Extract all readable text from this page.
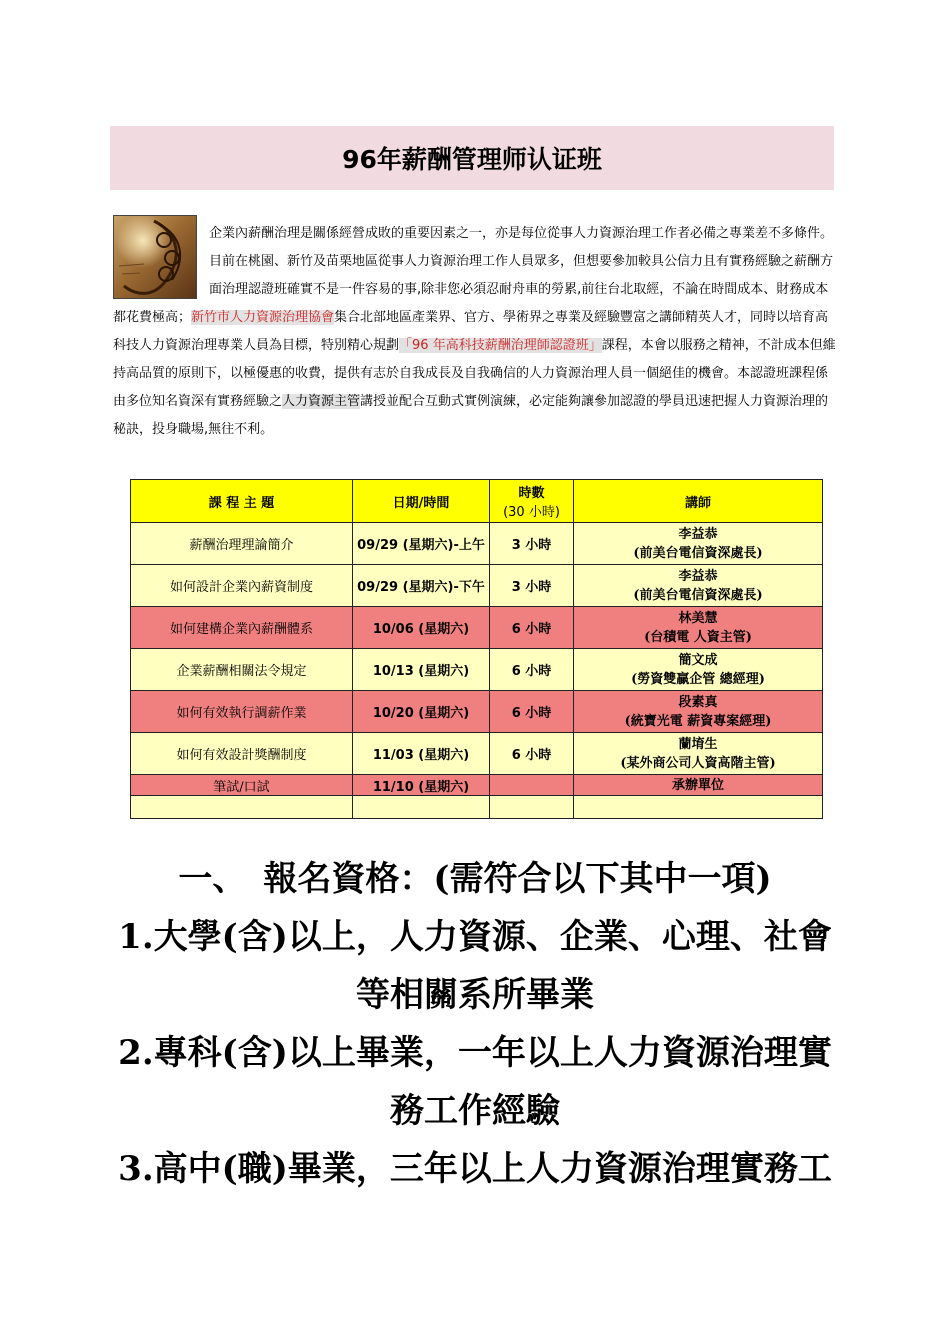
96年薪酬管理师认证班
企業內薪酬治理是關係經營成敗的重要因素之一，亦是每位從事人力資源治理工作者必備之專業差不多條件。目前在桃園、新竹及苗栗地區從事人力資源治理工作人員眾多，但想要參加較具公信力且有實務經驗之薪酬方面治理認證班確實不是一件容易的事,除非您必須忍耐舟車的勞累,前往台北取經，不論在時間成本、財務成本都花費極高；新竹市人力資源治理協會集合北部地區產業界、官方、學術界之專業及經驗豐富之講師精英人才，同時以培育高科技人力資源治理專業人員為目標，特別精心規劃「96 年高科技薪酬治理師認證班」課程，本會以服務之精神，不計成本但維持高品質的原則下，以極優惠的收費，提供有志於自我成長及自我确信的人力資源治理人員一個絕佳的機會。本認證班課程係由多位知名資深有實務經驗之人力資源主管講授並配合互動式實例演練，必定能夠讓參加認證的學員迅速把握人力資源治理的秘訣，投身職場,無往不利。
課 程 主 題	日期/時間	時數
(30 小時)	講師
薪酬治理理論簡介	09/29 (星期六)-上午	3 小時	李益恭
(前美台電信資深處長)

如何設計企業內薪資制度	09/29 (星期六)-下午	3 小時	李益恭
(前美台電信資深處長)

如何建構企業內薪酬體系	10/06 (星期六)	6 小時	林美慧
(台積電 人資主管)

企業薪酬相關法令規定	10/13 (星期六)	6 小時	簡文成
(勞資雙贏企管 總經理)

如何有效執行調薪作業	10/20 (星期六)	6 小時	段素真
(統寶光電 薪資專案經理)

如何有效設計獎酬制度	11/03 (星期六)	6 小時	蘭堉生
(某外商公司人資高階主管)

筆試/口試	11/10 (星期六)		承辦單位

一、　報名資格：(需符合以下其中一項)

1.大學(含)以上，人力資源、企業、心理、社會

等相關系所畢業

2.專科(含)以上畢業，一年以上人力資源治理實

務工作經驗

3.高中(職)畢業，三年以上人力資源治理實務工
